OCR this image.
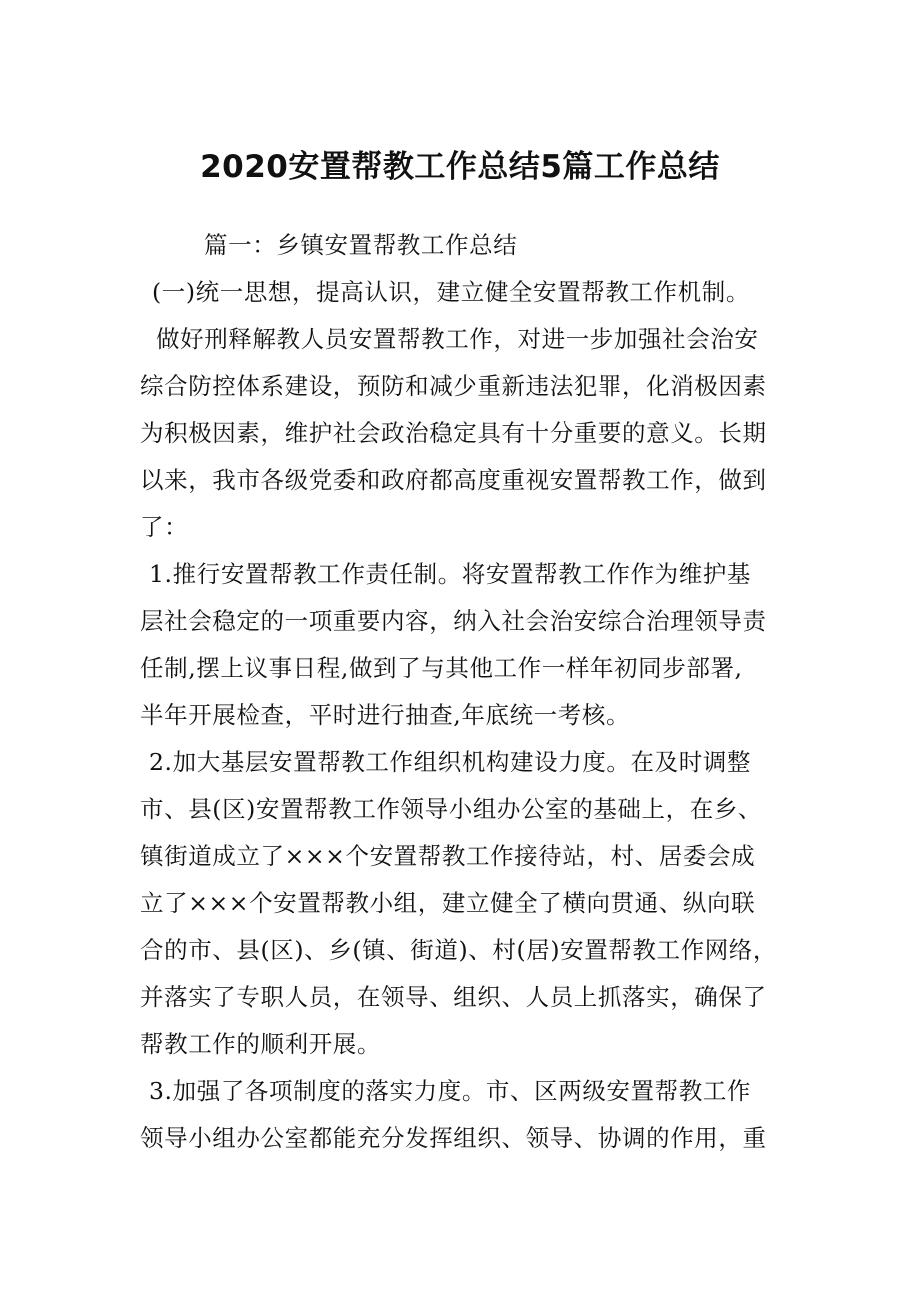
2020安置帮教工作总结5篇工作总结
篇一：乡镇安置帮教工作总结
(一)统一思想，提高认识，建立健全安置帮教工作机制。
做好刑释解教人员安置帮教工作，对进一步加强社会治安
综合防控体系建设，预防和减少重新违法犯罪，化消极因素
为积极因素，维护社会政治稳定具有十分重要的意义。长期
以来，我市各级党委和政府都高度重视安置帮教工作，做到
了：
1.推行安置帮教工作责任制。将安置帮教工作作为维护基
层社会稳定的一项重要内容，纳入社会治安综合治理领导责
任制,摆上议事日程,做到了与其他工作一样年初同步部署,
半年开展检查，平时进行抽查,年底统一考核。
2.加大基层安置帮教工作组织机构建设力度。在及时调整
市、县(区)安置帮教工作领导小组办公室的基础上，在乡、
镇街道成立了×××个安置帮教工作接待站，村、居委会成
立了×××个安置帮教小组，建立健全了横向贯通、纵向联
合的市、县(区)、乡(镇、街道)、村(居)安置帮教工作网络，
并落实了专职人员，在领导、组织、人员上抓落实，确保了
帮教工作的顺利开展。
3.加强了各项制度的落实力度。市、区两级安置帮教工作
领导小组办公室都能充分发挥组织、领导、协调的作用，重
